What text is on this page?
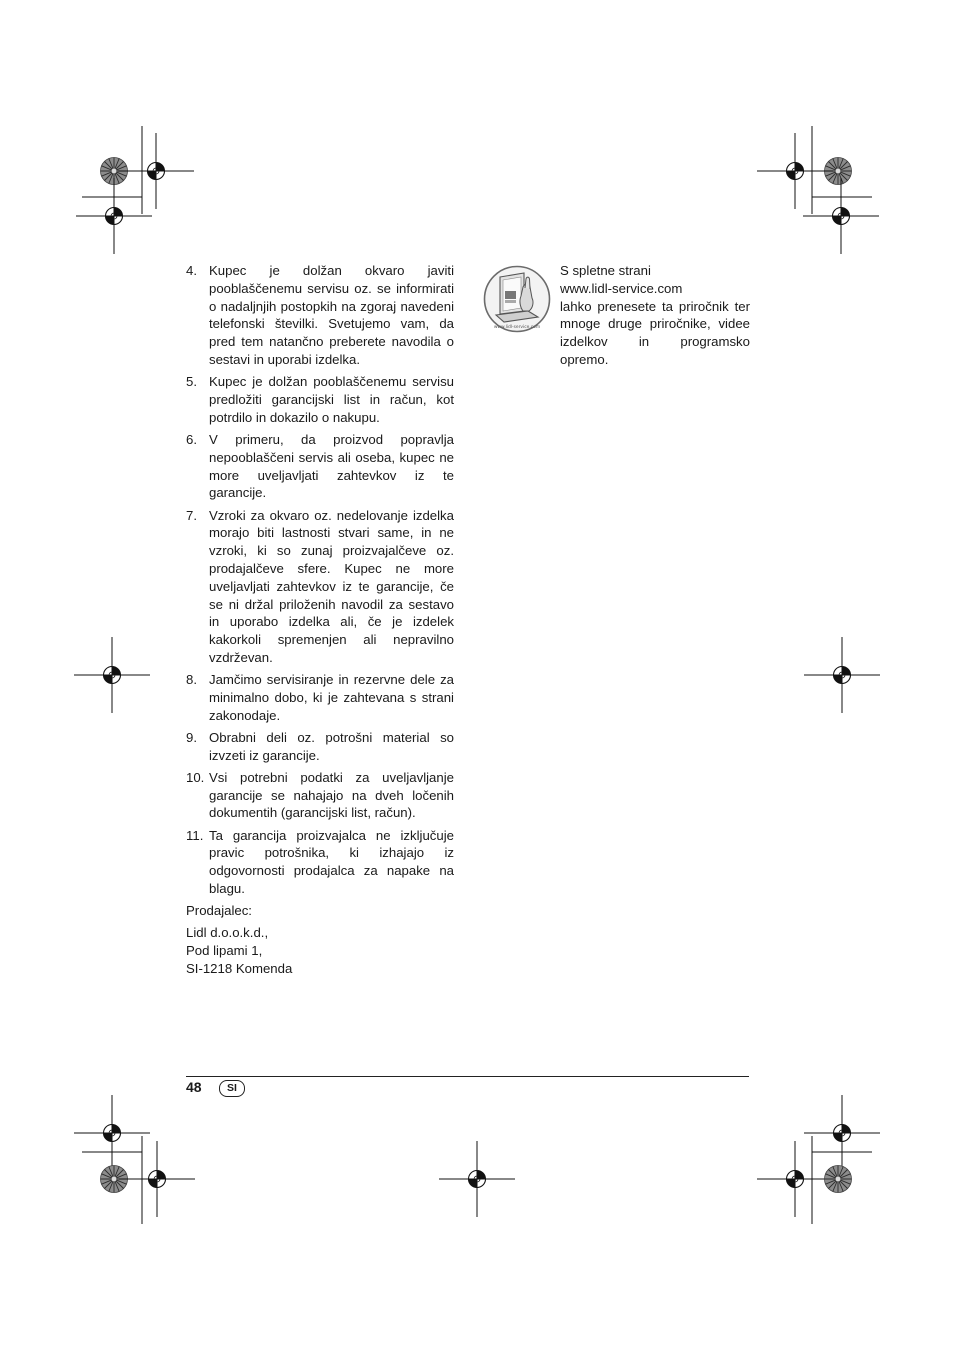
4. Kupec je dolžan okvaro javiti pooblaščenemu servisu oz. se informirati o nadaljnjih postopkih na zgoraj navedeni telefonski številki. Svetujemo vam, da pred tem natančno preberete navodila o sestavi in uporabi izdelka.
5. Kupec je dolžan pooblaščenemu servisu predložiti garancijski list in račun, kot potrdilo in dokazilo o nakupu.
6. V primeru, da proizvod popravlja nepooblaščeni servis ali oseba, kupec ne more uveljavljati zahtevkov iz te garancije.
7. Vzroki za okvaro oz. nedelovanje izdelka morajo biti lastnosti stvari same, in ne vzroki, ki so zunaj proizvajalčeve oz. prodajalčeve sfere. Kupec ne more uveljavljati zahtevkov iz te garancije, če se ni držal priloženih navodil za sestavo in uporabo izdelka ali, če je izdelek kakorkoli spremenjen ali nepravilno vzdrževan.
8. Jamčimo servisiranje in rezervne dele za minimalno dobo, ki je zahtevana s strani zakonodaje.
9. Obrabni deli oz. potrošni material so izvzeti iz garancije.
10. Vsi potrebni podatki za uveljavljanje garancije se nahajajo na dveh ločenih dokumentih (garancijski list, račun).
11. Ta garancija proizvajalca ne izključuje pravic potrošnika, ki izhajajo iz odgovornosti prodajalca za napake na blagu.
Prodajalec:
Lidl d.o.o.k.d.,
Pod lipami 1,
SI-1218 Komenda
www.lidl-service.com
S spletne strani
www.lidl-service.com
lahko prenesete ta priročnik ter
mnoge druge priročnike, videe
izdelkov in programsko
opremo.
48	SI
